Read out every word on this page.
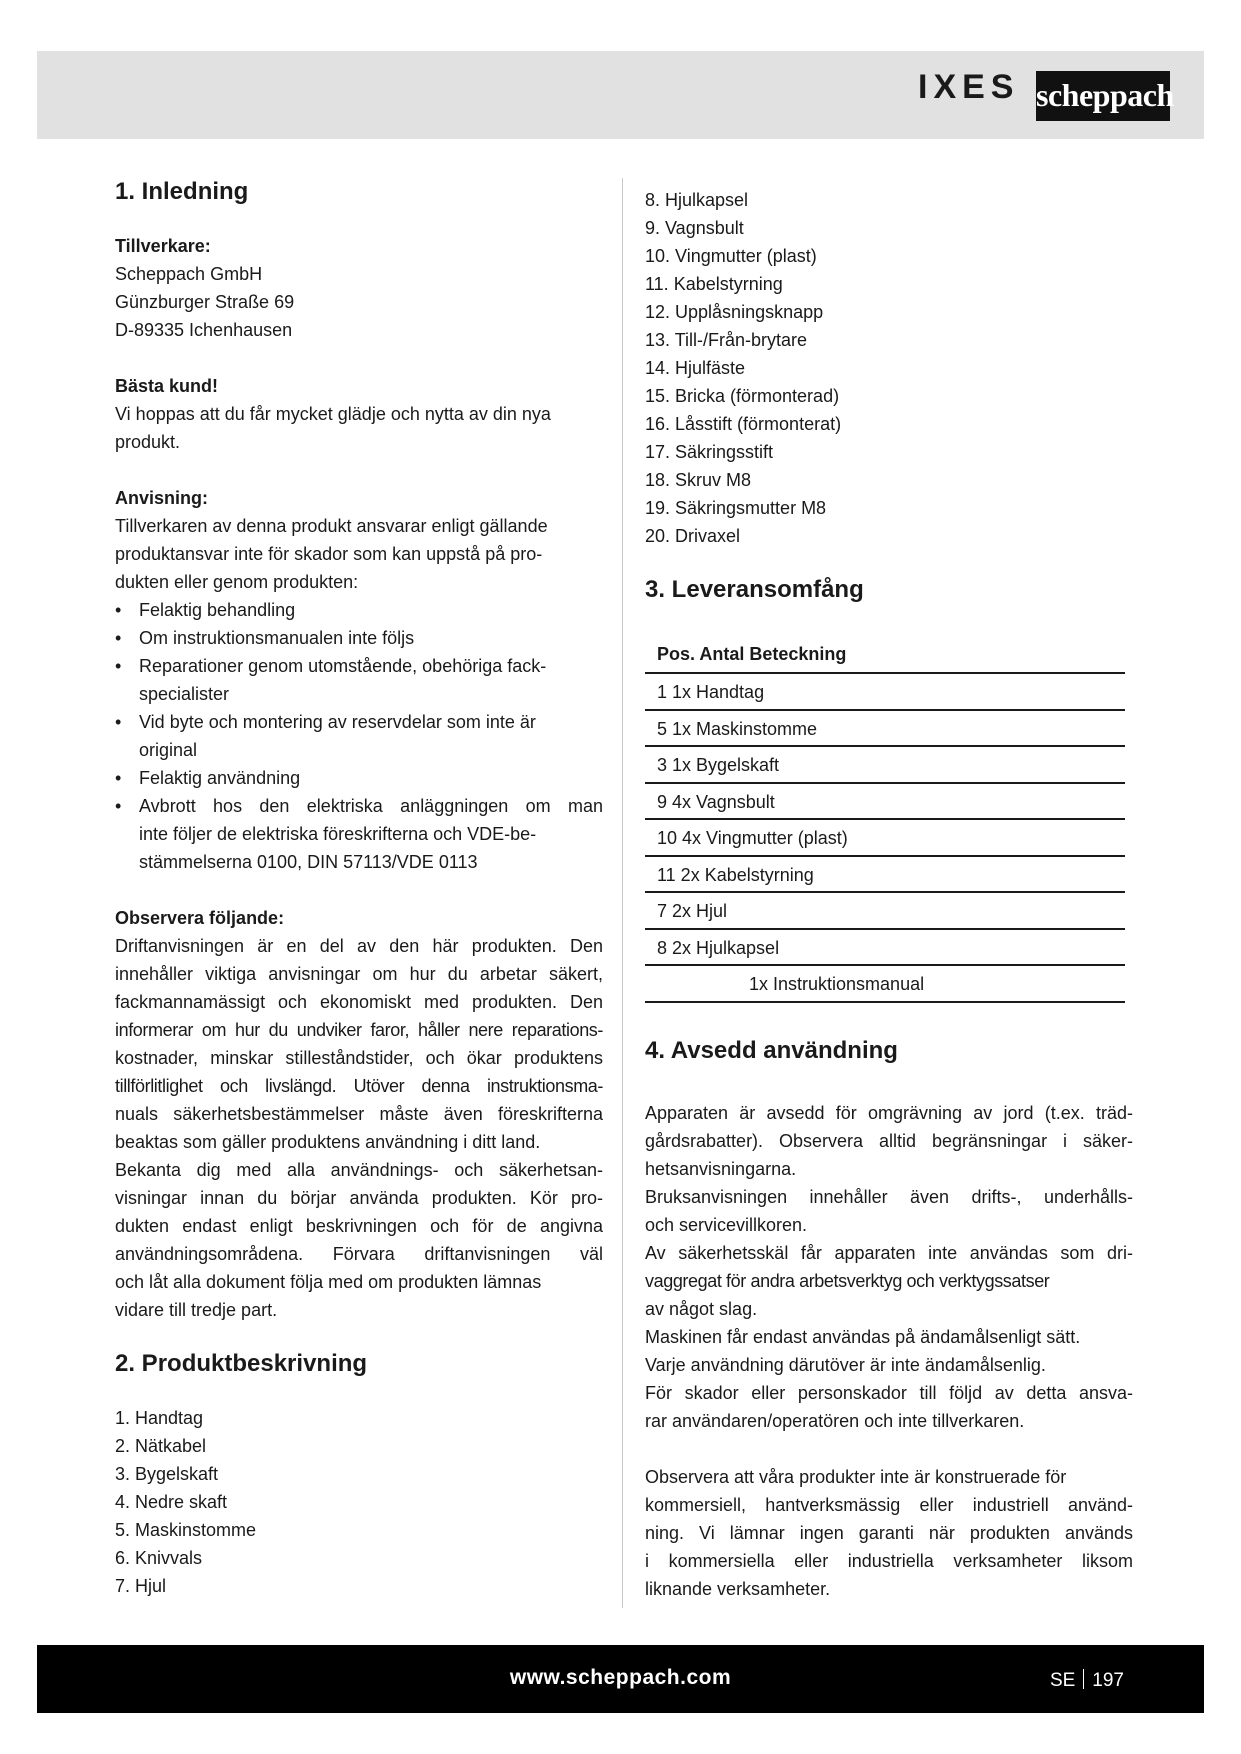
IXES scheppach
1. Inledning
Tillverkare:
Scheppach GmbH
Günzburger Straße 69
D-89335 Ichenhausen
Bästa kund!
Vi hoppas att du får mycket glädje och nytta av din nya
produkt.
Anvisning:
Tillverkaren av denna produkt ansvarar enligt gällande
produktansvar inte för skador som kan uppstå på pro-
dukten eller genom produkten:
• Felaktig behandling
• Om instruktionsmanualen inte följs
• Reparationer genom utomstående, obehöriga fack-
specialister
• Vid byte och montering av reservdelar som inte är
original
• Felaktig användning
• Avbrott hos den elektriska anläggningen om man
inte följer de elektriska föreskrifterna och VDE-be-
stämmelserna 0100, DIN 57113/VDE 0113
Observera följande:
Driftanvisningen är en del av den här produkten. Den
innehåller viktiga anvisningar om hur du arbetar säkert,
fackmannamässigt och ekonomiskt med produkten. Den
informerar om hur du undviker faror, håller nere reparations-
kostnader, minskar stilleståndstider, och ökar produktens
tillförlitlighet och livslängd. Utöver denna instruktionsma-
nuals säkerhetsbestämmelser måste även föreskrifterna
beaktas som gäller produktens användning i ditt land.
Bekanta dig med alla användnings- och säkerhetsan-
visningar innan du börjar använda produkten. Kör pro-
dukten endast enligt beskrivningen och för de angivna
användningsområdena. Förvara driftanvisningen väl
och låt alla dokument följa med om produkten lämnas
vidare till tredje part.
2. Produktbeskrivning
1. Handtag
2. Nätkabel
3. Bygelskaft
4. Nedre skaft
5. Maskinstomme
6. Knivvals
7. Hjul
8. Hjulkapsel
9. Vagnsbult
10. Vingmutter (plast)
11. Kabelstyrning
12. Upplåsningsknapp
13. Till-/Från-brytare
14. Hjulfäste
15. Bricka (förmonterad)
16. Låsstift (förmonterat)
17. Säkringsstift
18. Skruv M8
19. Säkringsmutter M8
20. Drivaxel
3. Leveransomfång
Pos. Antal Beteckning
1 1x Handtag
5 1x Maskinstomme
3 1x Bygelskaft
9 4x Vagnsbult
10 4x Vingmutter (plast)
11 2x Kabelstyrning
7 2x Hjul
8 2x Hjulkapsel
1x Instruktionsmanual
4. Avsedd användning
Apparaten är avsedd för omgrävning av jord (t.ex. träd-
gårdsrabatter). Observera alltid begränsningar i säker-
hetsanvisningarna.
Bruksanvisningen innehåller även drifts-, underhålls-
och servicevillkoren.
Av säkerhetsskäl får apparaten inte användas som dri-
vaggregat för andra arbetsverktyg och verktygssatser
av något slag.
Maskinen får endast användas på ändamålsenligt sätt.
Varje användning därutöver är inte ändamålsenlig.
För skador eller personskador till följd av detta ansva-
rar användaren/operatören och inte tillverkaren.
Observera att våra produkter inte är konstruerade för
kommersiell, hantverksmässig eller industriell använd-
ning. Vi lämnar ingen garanti när produkten används
i kommersiella eller industriella verksamheter liksom
liknande verksamheter.
www.scheppach.com	SE 197
